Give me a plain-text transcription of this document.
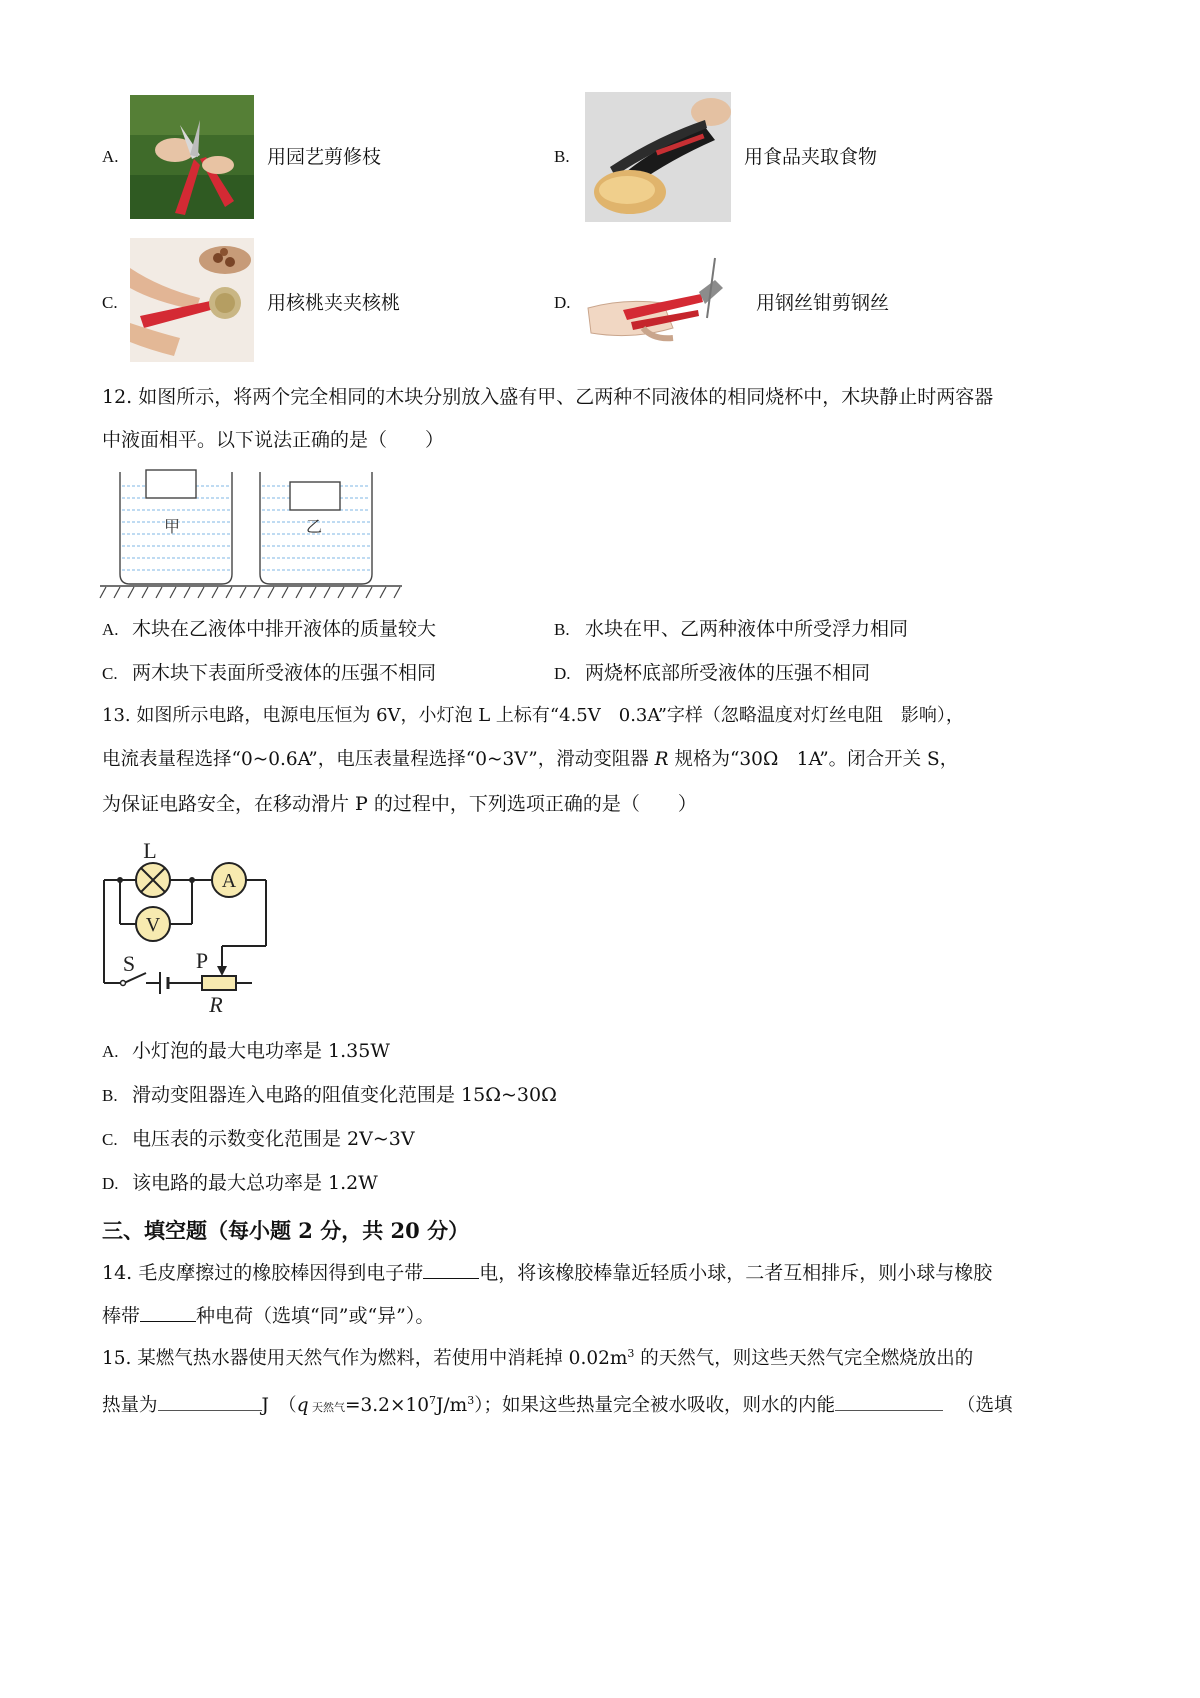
A.	用园艺剪修枝	B.	用食品夹取食物
C.	用核桃夹夹核桃	D.	用钢丝钳剪钢丝
12. 如图所示，将两个完全相同的木块分别放入盛有甲、乙两种不同液体的相同烧杯中，木块静止时两容器
中液面相平。以下说法正确的是（　　）
甲	乙
A. 木块在乙液体中排开液体的质量较大	B. 水块在甲、乙两种液体中所受浮力相同
C. 两木块下表面所受液体的压强不相同	D. 两烧杯底部所受液体的压强不相同
13. 如图所示电路，电源电压恒为 6V，小灯泡 L 上标有“4.5V　0.3A”字样（忽略温度对灯丝电阻　影响），
电流表量程选择“0~0.6A”，电压表量程选择“0~3V”，滑动变阻器 R 规格为“30Ω　1A”。闭合开关 S，
为保证电路安全，在移动滑片 P 的过程中，下列选项正确的是（　　）
A
V
L
S	P
R
A. 小灯泡的最大电功率是 1.35W
B. 滑动变阻器连入电路的阻值变化范围是 15Ω~30Ω
C. 电压表的示数变化范围是 2V~3V
D. 该电路的最大总功率是 1.2W
三、填空题（每小题 2 分，共 20 分）
14. 毛皮摩擦过的橡胶棒因得到电子带	电，将该橡胶棒靠近轻质小球，二者互相排斥，则小球与橡胶
棒带	种电荷（选填“同”或“异”）。
15. 某燃气热水器使用天然气作为燃料，若使用中消耗掉 $0.02m^3$ 的天然气，则这些天然气完全燃烧放出的
热量为	J　（q 天然气$=3.2\times 10^7J/m^3$）；如果这些热量完全被水吸收，则水的内能	（选填
